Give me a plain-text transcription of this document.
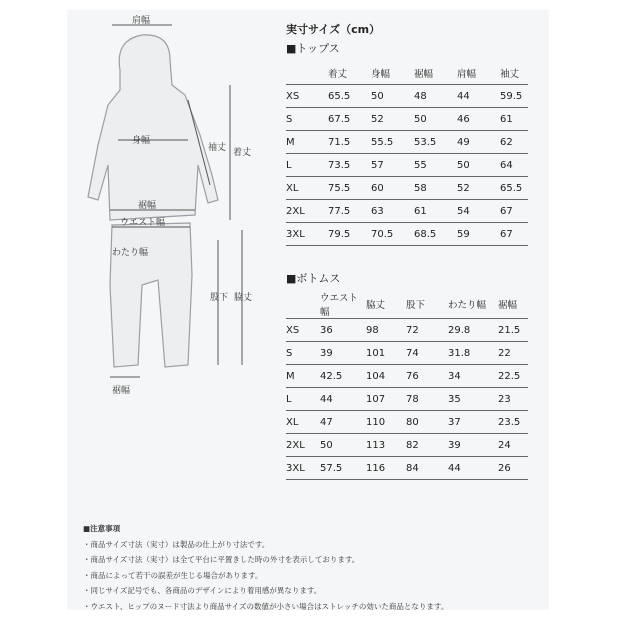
肩幅
身幅
袖丈 着丈
裾幅
ウエスト幅
わたり幅
股下 脇丈
裾幅
実寸サイズ（cm）
■トップス
	着丈	身幅	裾幅	肩幅	袖丈
XS	65.5	50	48	44	59.5
S	67.5	52	50	46	61
M	71.5	55.5	53.5	49	62
L	73.5	57	55	50	64
XL	75.5	60	58	52	65.5
2XL	77.5	63	61	54	67
3XL	79.5	70.5	68.5	59	67
■ボトムス
	ウエスト幅	脇丈	股下	わたり幅	裾幅
XS	36	98	72	29.8	21.5
S	39	101	74	31.8	22
M	42.5	104	76	34	22.5
L	44	107	78	35	23
XL	47	110	80	37	23.5
2XL	50	113	82	39	24
3XL	57.5	116	84	44	26
■注意事項
・商品サイズ寸法（実寸）は製品の仕上がり寸法です。
・商品サイズ寸法（実寸）は全て平台に平置きした時の外寸を表示しております。
・商品によって若干の誤差が生じる場合があります。
・同じサイズ記号でも、各商品のデザインにより着用感が異なります。
・ウエスト、ヒップのヌード寸法より商品サイズの数値が小さい場合はストレッチの効いた商品となります。
